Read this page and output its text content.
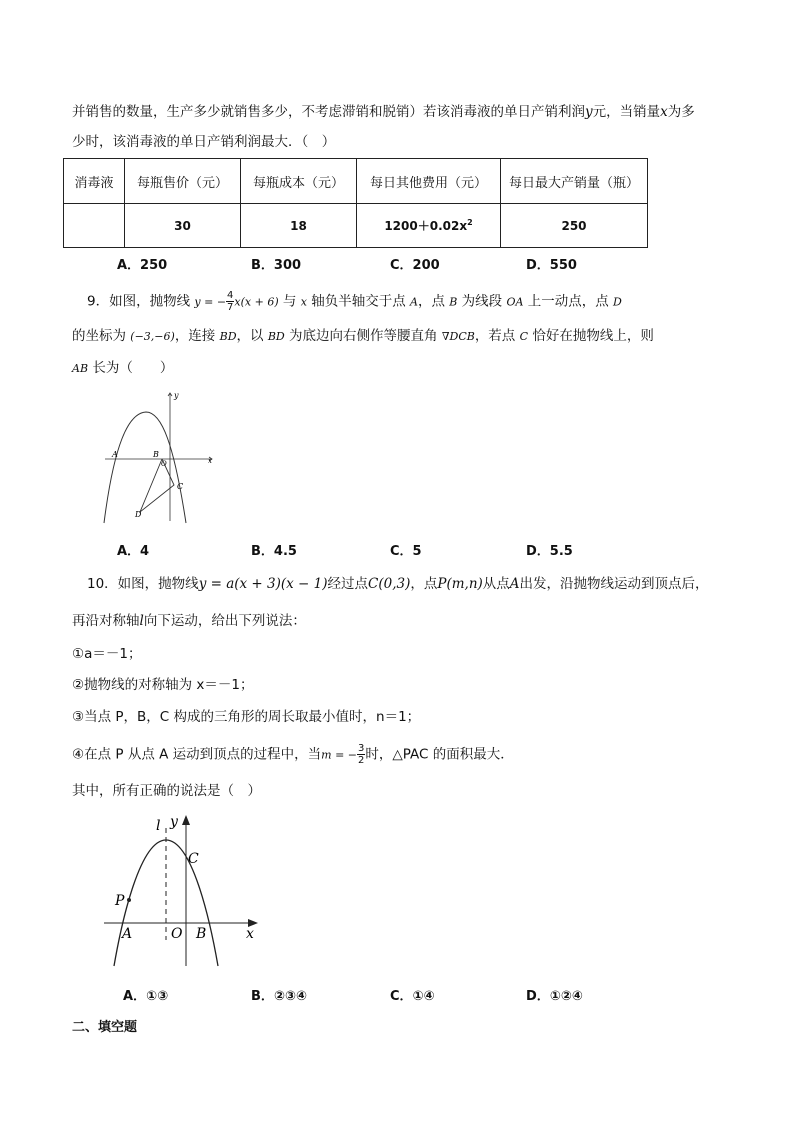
并销售的数量，生产多少就销售多少，不考虑滞销和脱销）若该消毒液的单日产销利润y元，当销量x为多
少时，该消毒液的单日产销利润最大．（　）
消毒液	每瓶售价（元）	每瓶成本（元）	每日其他费用（元）	每日最大产销量（瓶）
	30	18	$1200+0.02x^2$	250
A．250	B．300	C．200	D．550
9．如图，抛物线 y = − $\frac{4}{7} x(x + 6)$ 与 x 轴负半轴交于点 A，点 B 为线段 OA 上一动点，点 D
的坐标为 (−3,−6)，连接 BD，以 BD 为底边向右侧作等腰直角 ∇DCB，若点 C 恰好在抛物线上，则
AB 长为（　　）
y
x
A	B
O
C
D
A．4	B．4.5	C．5	D．5.5
10．如图，抛物线y = a(x + 3)(x − 1)经过点C(0,3)，点P(m,n)从点A出发，沿抛物线运动到顶点后，
再沿对称轴l向下运动，给出下列说法：
①a＝－1；
②抛物线的对称轴为 x＝－1；
③当点 P，B，C 构成的三角形的周长取最小值时，n＝1；
④在点 P 从点 A 运动到顶点的过程中，当m = − $\frac{3}{2}$ 时，△PAC 的面积最大．
其中，所有正确的说法是（　）
l y
C
P
A	O B	x
A．①③	B．②③④	C．①④	D．①②④
二、填空题
